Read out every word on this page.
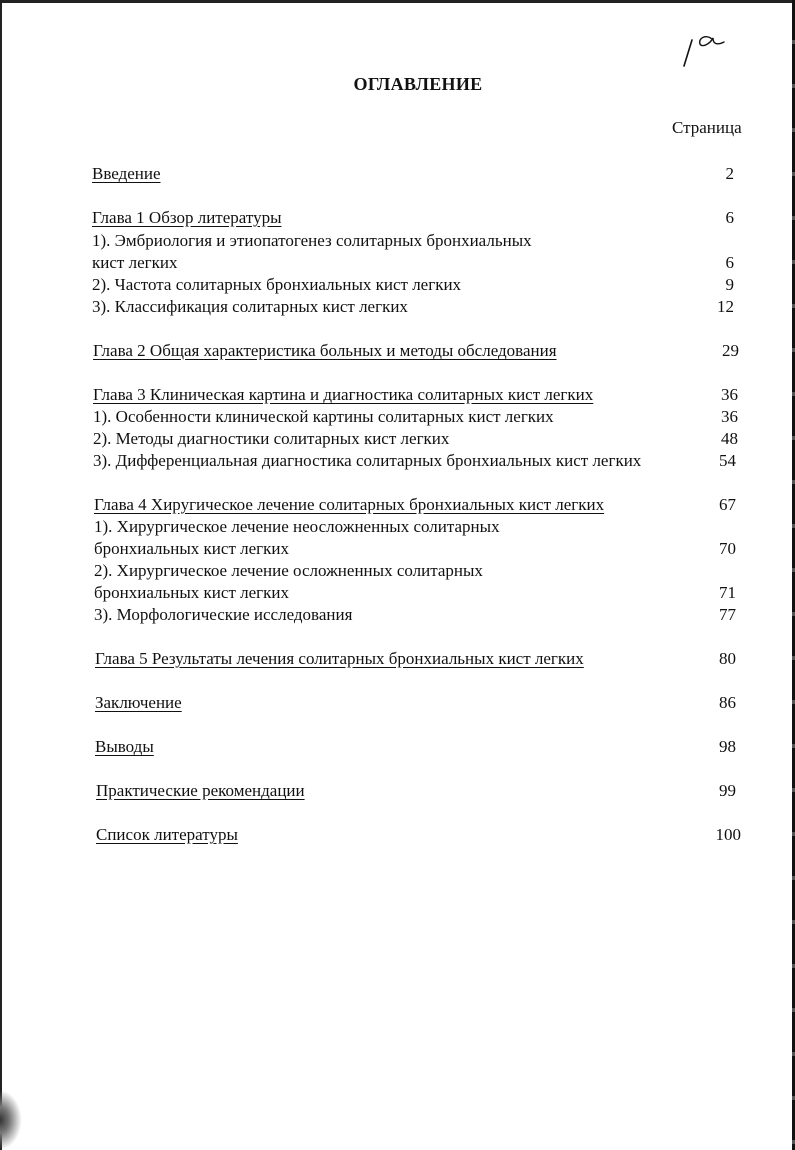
ОГЛАВЛЕНИЕ
Страница
Введение	2
Глава 1 Обзор литературы	6
1). Эмбриология и этиопатогенез солитарных бронхиальных
кист легких	6
2). Частота солитарных бронхиальных кист легких	9
3). Классификация солитарных кист легких	12
Глава 2 Общая характеристика больных и методы обследования	29
Глава 3 Клиническая картина и диагностика солитарных кист легких	36
1). Особенности клинической картины солитарных кист легких	36
2). Методы диагностики солитарных кист легких	48
3). Дифференциальная диагностика солитарных бронхиальных кист легких	54
Глава 4 Хиругическое лечение солитарных бронхиальных кист легких	67
1). Хирургическое лечение неосложненных солитарных
бронхиальных кист легких	70
2). Хирургическое лечение осложненных солитарных
бронхиальных кист легких	71
3). Морфологические исследования	77
Глава 5 Результаты лечения солитарных бронхиальных кист легких	80
Заключение	86
Выводы	98
Практические рекомендации	99
Список литературы	100
